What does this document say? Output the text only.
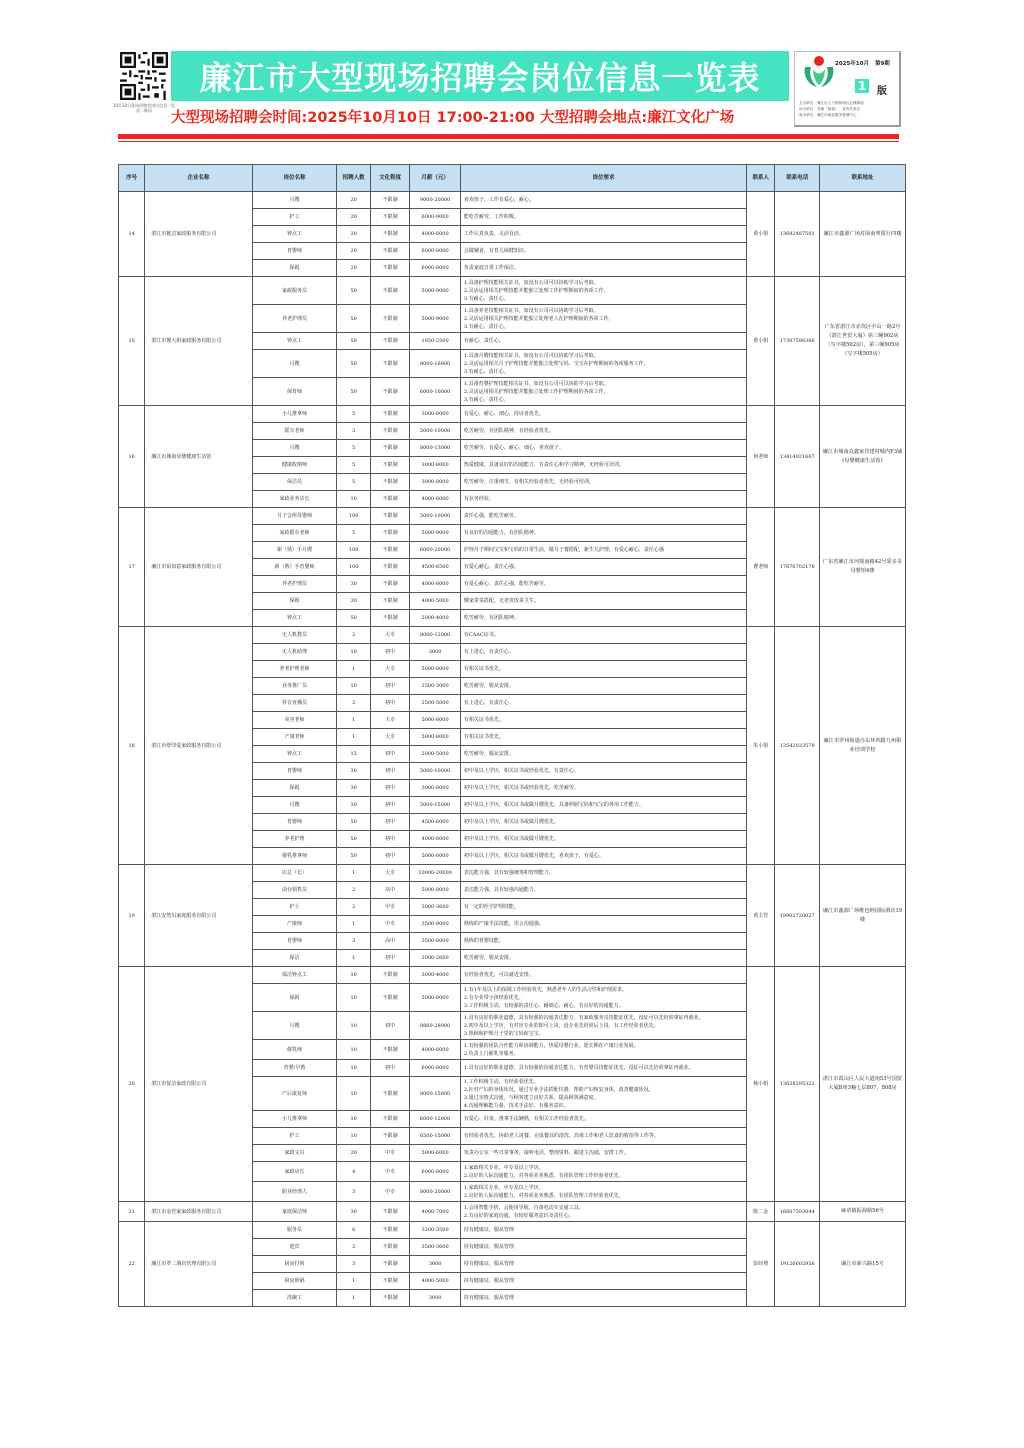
10月10日现场招聘会岗位信息一览表二维码
廉江市大型现场招聘会岗位信息一览表
大型现场招聘会时间:2025年10月10日 17:00-21:00 大型招聘会地点:廉江文化广场
2025年10月 第9期
1 版
主办单位：廉江市人力资源和社会保障局
协办单位：各镇（街道）、各有关单位
承办单位：廉江市就业服务管理中心
序号	企业名称	岗位名称	招聘人数	文化程度	月薪（元）	岗位要求	联系人	联系电话	联系地址
14	湛江市链洁家政服务有限公司	月嫂	20	不限制	9000-20000	喜欢孩子，工作有爱心，耐心。	黄小姐	13692487501	廉江市鑫源广场对面南粤银行四楼
		护工	20	不限制	6000-9000	能吃苦耐劳，工作积极。			
		钟点工	20	不限制	4000-6000	工作认真负责，灵活有活。			
		育婴师	20	不限制	6000-8000	会做辅食，有育儿保健知识。			
		保姆	20	不限制	6000-8000	负责家庭日常工作保洁。			
15	湛江市馒大姐家政服务有限公司	家政服务员	50	不限制	5000-9000	1.具备护理技能相关证书，如没有公司可以协助学习后考取。
2.灵活运用相关护理技能并能独立处理工作护理期间的各项工作。
3.有耐心、责任心。	黄小姐	17307596366	广东省湛江市赤坎区中山一路2号（湛江世贸大厦）第三幢902房（写字楼502房），第三幢905房（写字楼505房）
		养老护理员	50	不限制	5000-9000	1.具备养老技能相关证书，如没有公司可以协助学习后考取。
2.灵活运用相关护理技能并能独立处理老人在护理期间的各项工作。
3.有耐心、责任心。			
		钟点工	50	不限制	1850-2500	有耐心、责任心。			
		月嫂	50	不限制	8000-16800	1.具备月嫂技能相关证书，如没有公司可以协助学习后考取。
2.灵活运用相关月子护理技能并能独立处理宝妈、宝宝在护理期间的各项服务工作。
3.有耐心、责任心。			
		保育师	50	不限制	6000-10000	1.具备育婴护理技能相关证书，如没有公司可以协助学习后考取。
2.灵活运用相关护理技能并能独立处理工作护理期间的各项工作。
3.有耐心、责任心。			
16	廉江市城南母婴健康生活馆	小儿推拿师	5	不限制	3000-8000	有爱心、耐心、细心，持证者优先。	何老师	13414921667	廉江市城南众鑫家居建材城内F3铺(母婴健康生活馆)
		摇车老师	3	不限制	5000-10000	吃苦耐劳，有团队精神，有经验者优先。			
		月嫂	5	不限制	8000-13000	吃苦耐劳，有爱心、耐心、细心，喜欢孩子。			
		健康收纳师	5	不限制	3000-8000	热爱健康，具备良好的沟通能力，有责任心和学习精神，无经验可培训。			
		保洁员	5	不限制	3000-8000	吃苦耐劳，注重细节，有相关经验者优先，无经验可培训。			
		家政业务店长	10	不限制	4000-6000	有业务经验。			
17	廉江市铂如意家政服务有限公司	月子会所母婴师	100	不限制	5000-10000	责任心强，能吃苦耐劳。	曹老师	17676702178	广东省廉江市河堤南路42号爱多多母婴馆4楼
		家政摇车老师	5	不限制	5000-9000	有良好的沟通能力，有团队精神。			
		新（熟）手月嫂	100	不限制	6000-20000	护理月子期间宝宝和宝妈的日常生活，做月子餐搭配，新生儿护理，有爱心耐心，责任心强			
		新（熟）手育婴师	100	不限制	4500-6500	有爱心耐心，责任心强。			
		养老护理员	30	不限制	4000-8000	有爱心耐心，责任心强，能吃苦耐劳。			
		保姆	30	不限制	4000-5000	懂家常菜搭配，无老贵饭菜卫生。			
		钟点工	50	不限制	2000-4000	吃苦耐劳，有团队精神。			
18	湛江市舒印爱家政服务有限公司	无人机教员	2	大专	8000-12000	有CAAC证书。	朱小姐	13542033579	廉江市罗州街道办东环四路九州职业培训学校
		无人机助理	10	初中	3000	有上进心，有责任心。			
		养老护理老师	1	大专	5000-8000	有相关证书优先。			
		业务推广员	10	初中	2500-3000	吃苦耐劳，服从安排。			
		抖音直播员	2	初中	2500-5000	有上进心，有责任心。			
		美容老师	1	大专	5000-8000	有相关证书优先。			
		产康老师	1	大专	5000-8000	有相关证书优先。			
		钟点工	15	初中	2000-5000	吃苦耐劳，服从安排。			
		育婴师	30	初中	5000-10000	初中及以上学历，相关证书或经验优先，有责任心。			
		保姆	30	初中	3000-8000	初中及以上学历，相关证书或经验优先，吃苦耐劳。			
		月嫂	30	初中	5000-15000	初中及以上学历，相关证书或做月嫂优先，具备照顾宝妈和宝宝的各项工作能力。			
		育婴师	50	初中	4500-6000	初中及以上学历，相关证书或做月嫂优先。			
		养老护理	50	初中	4000-6000	初中及以上学历，相关证书或做月嫂优先。			
		催乳推拿师	50	初中	5000-6000	初中及以上学历，相关证书或做月嫂优先，喜欢孩子，有爱心。			
19	湛江安然贝家庭服务有限公司	店总（长）	1	大专	10000-20000	表达能力强，具有较强统筹和管理能力。	黄主管	19902720027	廉江市鑫源广场维也纳国际酒店19楼
		前台销售员	2	高中	5000-8000	表达能力强，具有较强沟通能力。			
		护士	2	中专	3000-3600	有一定的医学护理技能。			
		产康师	1	中专	3500-9000	熟练的产康手法技能，语言沟通强。			
		育婴师	3	高中	3500-6000	熟练的育婴技能。			
		保洁	1	初中	2000-2600	吃苦耐劳，服从安排。			
20	湛江市悦洁家政有限公司	保洁钟点工	10	不限制	3000-4000	有经验者优先，可以就近安排。	杨小姐	13828295322	湛江市霞山区人民大道南53号国贸大厦B座3幢七层807、808房
		保姆	10	不限制	5000-8000	1.有1年及以上的保姆工作经验优先，熟悉老年人的生活习性和护理需求。
2.有专业带小孩经验优先。
3.工作积极主动，有较强的责任心、耐细心、耐心，有良好的沟通能力。			
		月嫂	10	初中	8800-28000	1.具有良好的职业道德，具有较强的沟通表达能力，有家政服务员技能证优先，没证可以先培训拿证再就业。
2.初中及以上学历，有对应专业的即可上岗，没专业先培训后上岗，有工作经验者优先。
3.照顾和护理月子里的宝妈和宝宝。			
		催乳师	10	不限制	4000-6000	1.有较强的团队合作能力和协调能力，热爱母婴行业，愿长期在产康行业发展。
2.负责上门催乳等服务。			
		育婴/早教	10	初中	6000-8000	1.具有良好的职业道德，具有较强的沟通表达能力，有育婴员技能证优先，没证可以先培训拿证再就业。			
		产后康复师	10	不限制	8000-15800	1.工作积极主动，有经验者优先。
2.针对产妇的身体状况，通过专业手法搭配仪器，帮助产妇恢复身体，改善健康状况。
3.通过亲情式沟通，与顾客建立良好关系，提高顾客满意度。
4.沟通理解能力强，技术手法好，有服务意识。			
		小儿推拿师	10	不限制	6000-12800	有爱心、针灸、推拿手法娴熟，有相关工作经验者优先。			
		护工	10	不限制	6500-15000	有经验者优先，协助老人进餐，完成餐具的清洗、消毒工作和老人饮食的收拾等工作等。			
		家政文员	20	中专	5000-6000	负责办公室一些日常事务，接听电话，整理资料，跟进主沟通，安排工作。			
		家政店长	4	中专	6000-8000	1.家政相关专业，中专及以上学历。
2.良好的人际沟通能力，对各项业务熟悉，有团队管理工作经验者优先。			
		职业经理人	3	中专	8000-20000	1.家政相关专业，中专及以上学历。
2.良好的人际沟通能力，对各项业务熟悉，有团队管理工作经验者优先。			
21	湛江市金管家家政服务有限公司	家庭保洁师	30	不限制	4000-7000	1.会用智能手机，会使用导航，自备电动车交通工具。
2.有良好的家庭沟通，有较好服务意识及责任心。	陈二金	16607593044	麻章镇振海路56号
22	廉江市罗二酒店管理有限公司	服务员	6	不限制	3200-3500	持有健康证，服从管理	彭经理	19126602956	廉江市新兴路15号
		迎宾	2	不限制	3500-3600	持有健康证，服从管理			
		厨房打荷	3	不限制	3000	持有健康证，服从管理			
		厨房砂锅	1	不限制	4000-5000	持有健康证，服从管理			
		洗碗工	1	不限制	3000	持有健康证，服从管理			
